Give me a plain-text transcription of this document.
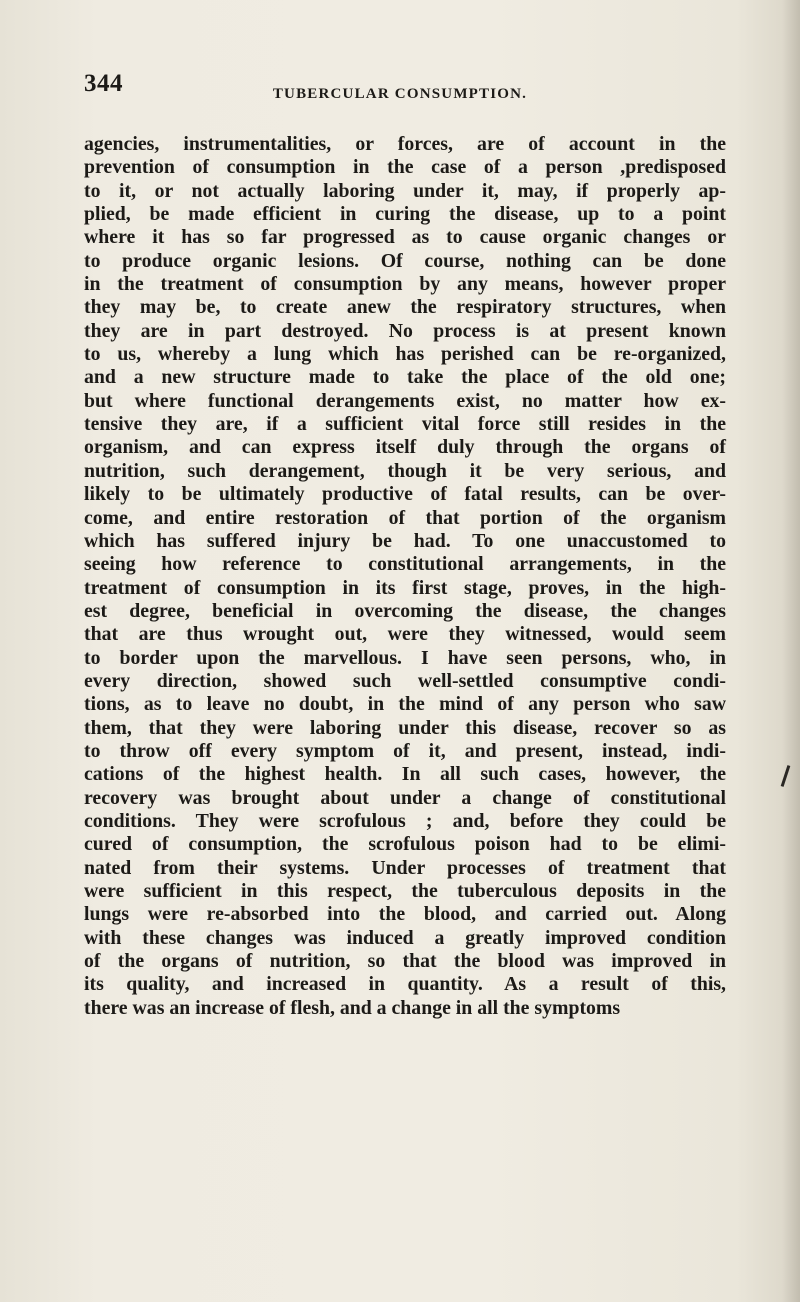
344	TUBERCULAR CONSUMPTION.
agencies, instrumentalities, or forces, are of account in the
prevention of consumption in the case of a person ,predisposed
to it, or not actually laboring under it, may, if properly ap-
plied, be made efficient in curing the disease, up to a point
where it has so far progressed as to cause organic changes or
to produce organic lesions. Of course, nothing can be done
in the treatment of consumption by any means, however proper
they may be, to create anew the respiratory structures, when
they are in part destroyed. No process is at present known
to us, whereby a lung which has perished can be re-organized,
and a new structure made to take the place of the old one;
but where functional derangements exist, no matter how ex-
tensive they are, if a sufficient vital force still resides in the
organism, and can express itself duly through the organs of
nutrition, such derangement, though it be very serious, and
likely to be ultimately productive of fatal results, can be over-
come, and entire restoration of that portion of the organism
which has suffered injury be had. To one unaccustomed to
seeing how reference to constitutional arrangements, in the
treatment of consumption in its first stage, proves, in the high-
est degree, beneficial in overcoming the disease, the changes
that are thus wrought out, were they witnessed, would seem
to border upon the marvellous. I have seen persons, who, in
every direction, showed such well-settled consumptive condi-
tions, as to leave no doubt, in the mind of any person who saw
them, that they were laboring under this disease, recover so as
to throw off every symptom of it, and present, instead, indi-
cations of the highest health. In all such cases, however, the
recovery was brought about under a change of constitutional
conditions. They were scrofulous ; and, before they could be
cured of consumption, the scrofulous poison had to be elimi-
nated from their systems. Under processes of treatment that
were sufficient in this respect, the tuberculous deposits in the
lungs were re-absorbed into the blood, and carried out. Along
with these changes was induced a greatly improved condition
of the organs of nutrition, so that the blood was improved in
its quality, and increased in quantity. As a result of this,
there was an increase of flesh, and a change in all the symptoms
